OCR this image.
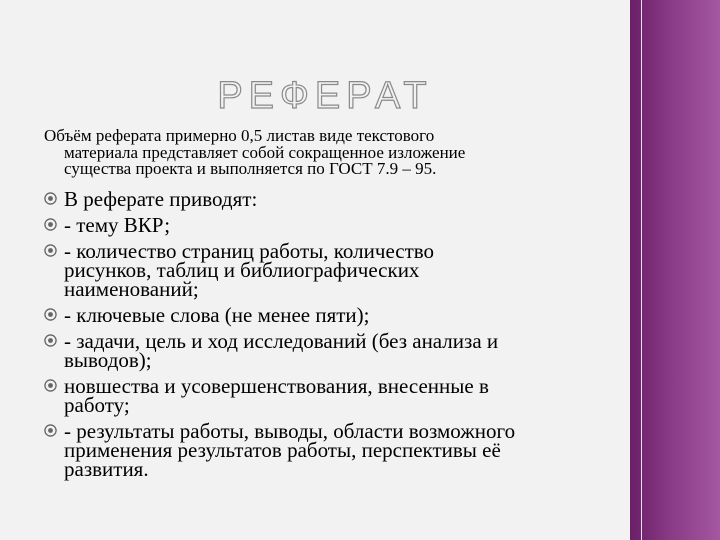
РЕФЕРАТ
Объём реферата примерно 0,5 листав виде текстового
материала представляет собой сокращенное изложение
существа проекта и выполняется по ГОСТ 7.9 – 95.
В реферате приводят:
- тему ВКР;
- количество страниц работы, количество
рисунков, таблиц и библиографических
наименований;
- ключевые слова (не менее пяти);
- задачи, цель и ход исследований (без анализа и
выводов);
новшества и усовершенствования, внесенные в
работу;
- результаты работы, выводы, области возможного
применения результатов работы, перспективы её
развития.
